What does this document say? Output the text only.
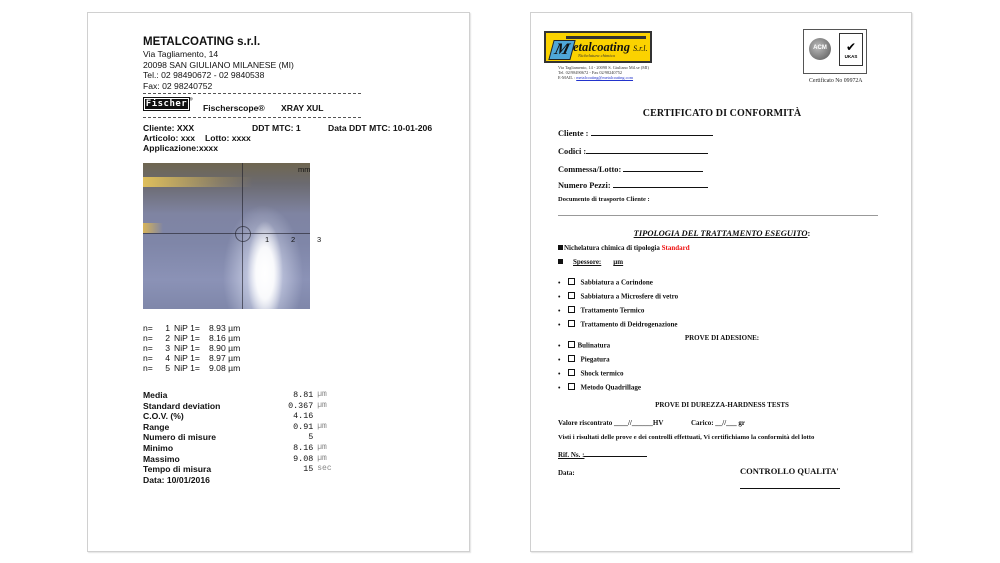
METALCOATING s.r.l.
Via Tagliamento, 14
20098 SAN GIULIANO MILANESE (MI)
Tel.: 02 98490672 - 02 9840538
Fax: 02 98240752
Fischer ®
Fischerscope® XRAY XUL
Cliente: XXX	DDT MTC: 1	Data DDT MTC: 10-01-206
Articolo: xxx Lotto: xxxx
Applicazione:xxxx
mm
1	2	3
n=	1 NiP 1=	8.93 µm
n=	2 NiP 1=	8.16 µm
n=	3 NiP 1=	8.90 µm
n=	4 NiP 1=	8.97 µm
n=	5 NiP 1=	9.08 µm
Media	8.81 µm
Standard deviation	0.367 µm
C.O.V. (%)	4.16
Range	0.91 µm
Numero di misure	5
Minimo	8.16 µm
Massimo	9.08 µm
Tempo di misura	15 sec
Data: 10/01/2016
M etalcoating S.r.l.
Nichelatura chimica
Via Tagliamento, 14 - 20098 S. Giuliano Mil.se (MI)
Tel. 02/98490672 - Fax 02/98240752
E-MAIL : metalcoating@metalcoating.com
ACM	✔
UKAS
Certificato No 09972A
CERTIFICATO DI CONFORMITÀ
Cliente :
Codici :
Commessa/Lotto:
Numero Pezzi:
Documento di trasporto Cliente :
TIPOLOGIA DEL TRATTAMENTO ESEGUITO:
Nichelatura chimica di tipologia Standard
Spessore: µm
•	Sabbiatura a Corindone
•	Sabbiatura a Microsfere di vetro
•	Trattamento Termico
•	Trattamento di Deidrogenazione
PROVE DI ADESIONE:
• Bulinatura
•	Piegatura
•	Shock termico
•	Metodo Quadrillage
PROVE DI DUREZZA-HARDNESS TESTS
Valore riscontrato ____//______HV	Carico: __//___ gr
Visti i risultati delle prove e dei controlli effettuati, Vi certifichiamo la conformità del lotto
Rif. Ns. :
Data:	CONTROLLO QUALITA'
